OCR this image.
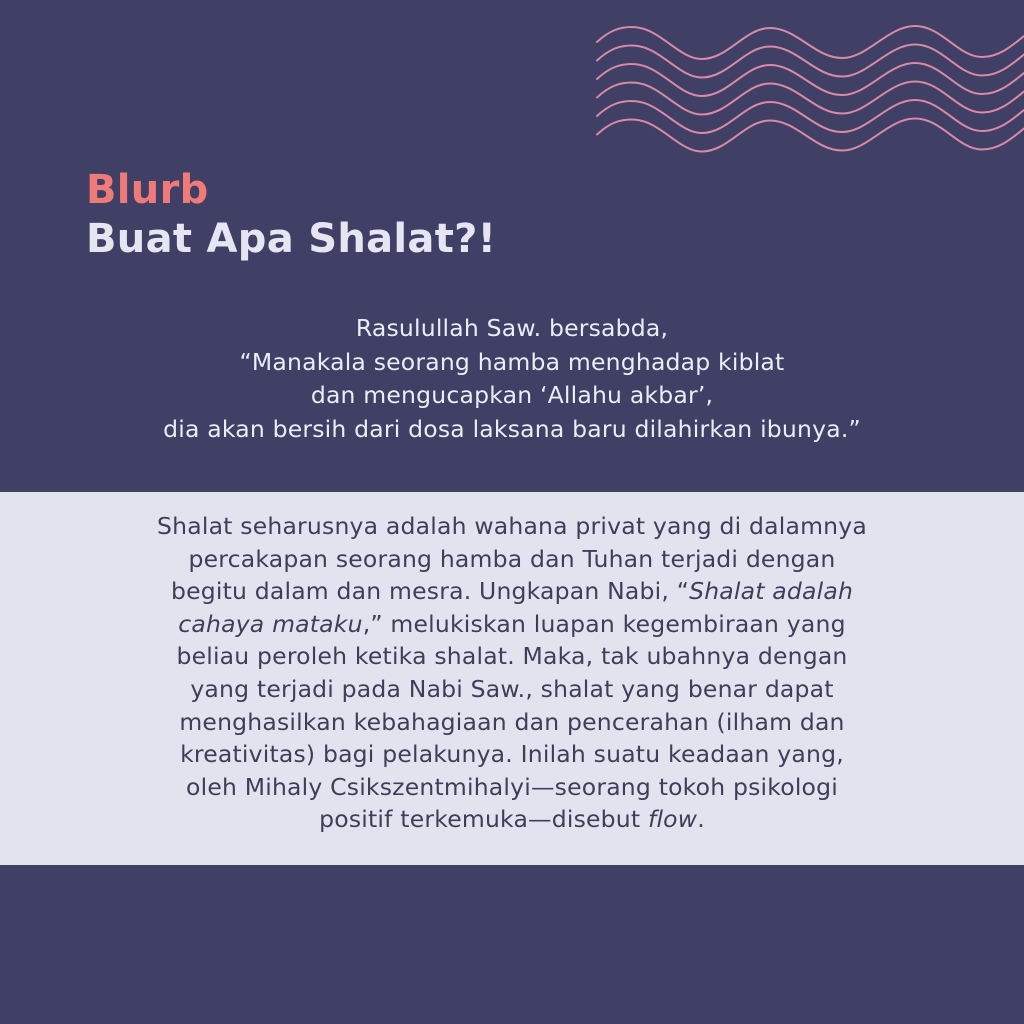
Blurb
Buat Apa Shalat?!
Rasulullah Saw. bersabda,
“Manakala seorang hamba menghadap kiblat
dan mengucapkan ‘Allahu akbar’,
dia akan bersih dari dosa laksana baru dilahirkan ibunya.”
Shalat seharusnya adalah wahana privat yang di dalamnya
percakapan seorang hamba dan Tuhan terjadi dengan
begitu dalam dan mesra. Ungkapan Nabi, “Shalat adalah
cahaya mataku,” melukiskan luapan kegembiraan yang
beliau peroleh ketika shalat. Maka, tak ubahnya dengan
yang terjadi pada Nabi Saw., shalat yang benar dapat
menghasilkan kebahagiaan dan pencerahan (ilham dan
kreativitas) bagi pelakunya. Inilah suatu keadaan yang,
oleh Mihaly Csikszentmihalyi—seorang tokoh psikologi
positif terkemuka—disebut flow.
